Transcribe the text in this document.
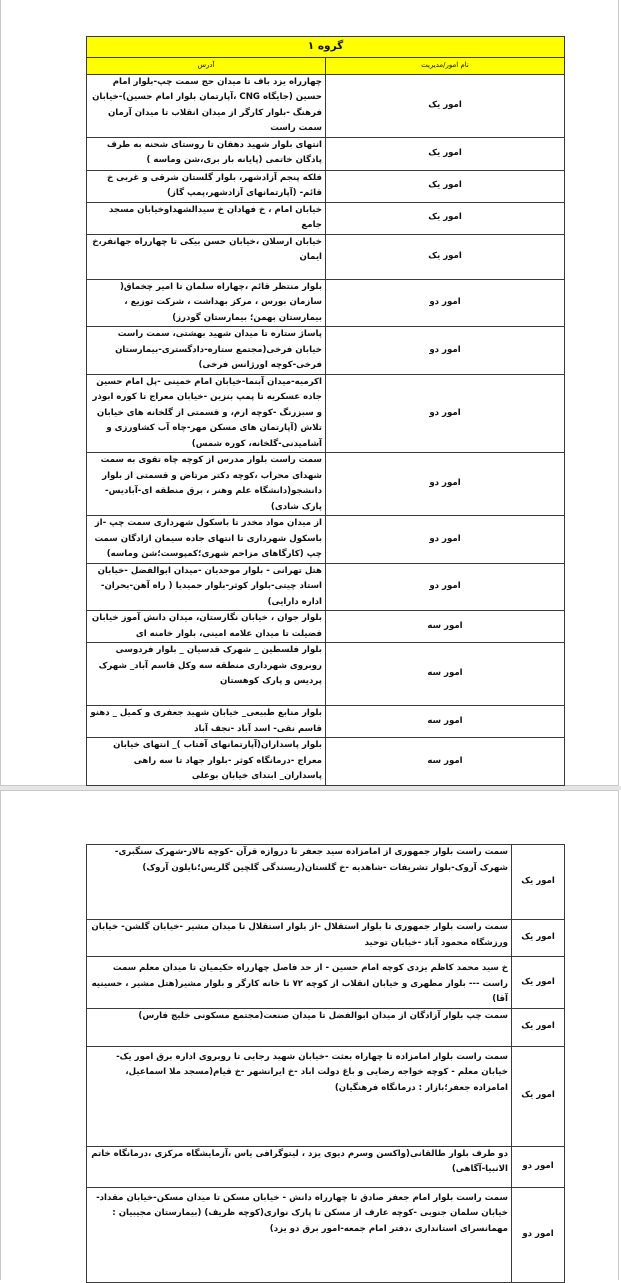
گروه ۱	
نام امور/مدیریت	آدرس
امور یک	چهارراه یزد باف تا میدان حج سمت چپ-بلوار امام حسین (جایگاه CNG ،آپارتمان بلوار امام حسین)-خیابان فرهنگ -بلوار کارگر از میدان انقلاب تا میدان آرمان سمت راست
امور یک	انتهای بلوار شهید دهقان تا روستای شحنه به طرف پادگان خاتمی (پایانه بار بری،شن وماسه )
امور یک	فلکه پنجم آزادشهر، بلوار گلستان شرقی و غربی خ قائم- (آپارتمانهای آزادشهر،پمپ گاز)
امور یک	خیابان امام ، خ فهادان خ سیدالشهداوخیابان مسجد جامع
امور یک	خیابان ارسلان ،خیابان حسن بیکی تا چهارراه جهانفر،خ ایمان
امور دو	بلوار منتظر قائم ،چهاراه سلمان تا امیر چخماق( سازمان بورس ، مرکز بهداشت ، شرکت توزیع ، بیمارستان بهمن؛ بیمارستان گودرز)
امور دو	پاساژ ستاره تا میدان شهید بهشتی، سمت راست خیابان فرخی(مجتمع ستاره-دادگستری-بیمارستان فرخی-کوچه اورژانس فرخی)
امور دو	اکرمیه-میدان آبنما-خیابان امام خمینی -پل امام حسین جاده عسکریه تا پمپ بنزین -خیابان معراج تا کوره ابوذر و سبزرنگ -کوچه ارم، و قسمتی از گلخانه های خیابان تلاش (آپارتمان های مسکن مهر-چاه آب کشاورزی و آشامیدنی-گلخانه، کوره شمس)
امور دو	سمت راست بلوار مدرس از کوچه چاه تقوی به سمت شهدای محراب ،کوچه دکتر مرتاض و قسمتی از بلوار دانشجو(دانشگاه علم وهنر ، برق منطقه ای-آبادیس-پارک شادی)
امور دو	از میدان مواد مخدر تا باسکول شهرداری سمت چپ -از باسکول شهرداری تا انتهای جاده سیمان ازادگان سمت چپ (کارگاهای مزاحم شهری؛کمپوست؛شن وماسه)
امور دو	هتل تهرانی - بلوار موحدیان -میدان ابوالفضل -خیابان استاد چیتی-بلوار کوثر-بلوار حمیدیا ( راه آهن-بحران-اداره دارایی)
امور سه	بلوار جوان ، خیابان نگارستان، میدان دانش آموز خیابان فضیلت تا میدان علامه امینی، بلوار خامنه ای
امور سه	بلوار فلسطین _ شهرک قدسیان _ بلوار فردوسی روبروی شهرداری منطقه سه وکل قاسم آباد_ شهرک پردیس و پارک کوهستان
امور سه	بلوار منابع طبیعی_ خیابان شهید جعفری و کمیل _ دهنو قاسم نقی- اسد آباد -نجف آباد
امور سه	بلوار پاسداران(آپارتمانهای آفتاب )_ انتهای خیابان معراج -درمانگاه کوثر -بلوار جهاد تا سه راهی پاسداران_ ابتدای خیابان بوعلی

امور یک	سمت راست بلوار جمهوری از امامزاده سید جعفر تا دروازه قرآن -کوچه تالار-شهرک سنگبری-شهرک آروک-بلوار تشریفات -شاهدیه -خ گلستان(ریسندگی گلچین گلریس؛نایلون آروک)
امور یک	سمت راست بلوار جمهوری تا بلوار استقلال -از بلوار استقلال تا میدان مشیر -خیابان گلشن- خیابان ورزشگاه محمود آباد -خیابان توحید
امور یک	خ سید محمد کاظم یزدی کوچه امام حسین - از حد فاصل چهارراه حکیمیان تا میدان معلم سمت راست --- بلوار مطهری و خیابان انقلاب از کوچه ۷۲ تا خانه کارگر و بلوار مشیر(هتل مشیر ، حسینیه آقا)
امور یک	سمت چپ بلوار آزادگان از میدان ابوالفضل تا میدان صنعت(مجتمع مسکونی خلیج فارس)
امور یک	سمت راست بلوار امامزاده تا چهاراه بعثت -خیابان شهید رجایی تا روبروی اداره برق امور یک-خیابان معلم - کوچه خواجه رضایی و باغ دولت اباد -خ ایرانشهر -خ قیام(مسجد ملا اسماعیل، امامزاده جعفر؛بازار : درمانگاه فرهنگیان)
امور دو	دو طرف بلوار طالقانی(واکسن وسرم دیوی یزد ، لیتوگرافی یاس ،آزمایشگاه مرکزی ،درمانگاه خاتم الانبیا-آگاهی)
امور دو	سمت راست بلوار امام جعفر صادق تا چهارراه دانش - خیابان مسکن تا میدان مسکن-خیابان مقداد-خیابان سلمان جنوبی -کوچه عارف از مسکن تا پارک نواری(کوچه ظریف) (بیمارستان مجیبیان : مهمانسرای استانداری ،دفتر امام جمعه-امور برق دو یزد)
